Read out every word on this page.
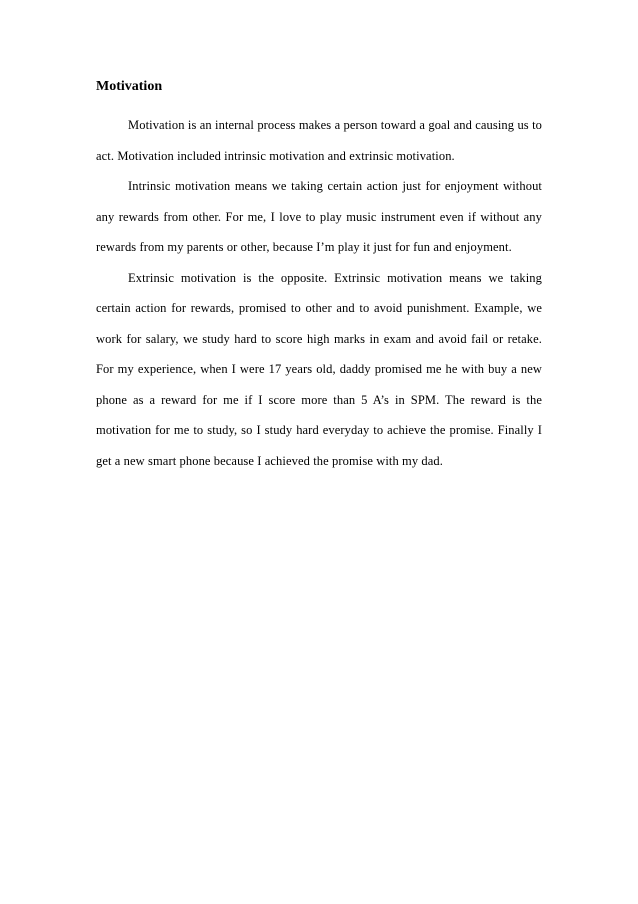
Motivation

Motivation is an internal process makes a person toward a goal and causing us to act. Motivation included intrinsic motivation and extrinsic motivation.

Intrinsic motivation means we taking certain action just for enjoyment without any rewards from other. For me, I love to play music instrument even if without any rewards from my parents or other, because I’m play it just for fun and enjoyment.

Extrinsic motivation is the opposite. Extrinsic motivation means we taking certain action for rewards, promised to other and to avoid punishment. Example, we work for salary, we study hard to score high marks in exam and avoid fail or retake. For my experience, when I were 17 years old, daddy promised me he with buy a new phone as a reward for me if I score more than 5 A’s in SPM. The reward is the motivation for me to study, so I study hard everyday to achieve the promise. Finally I get a new smart phone because I achieved the promise with my dad.
